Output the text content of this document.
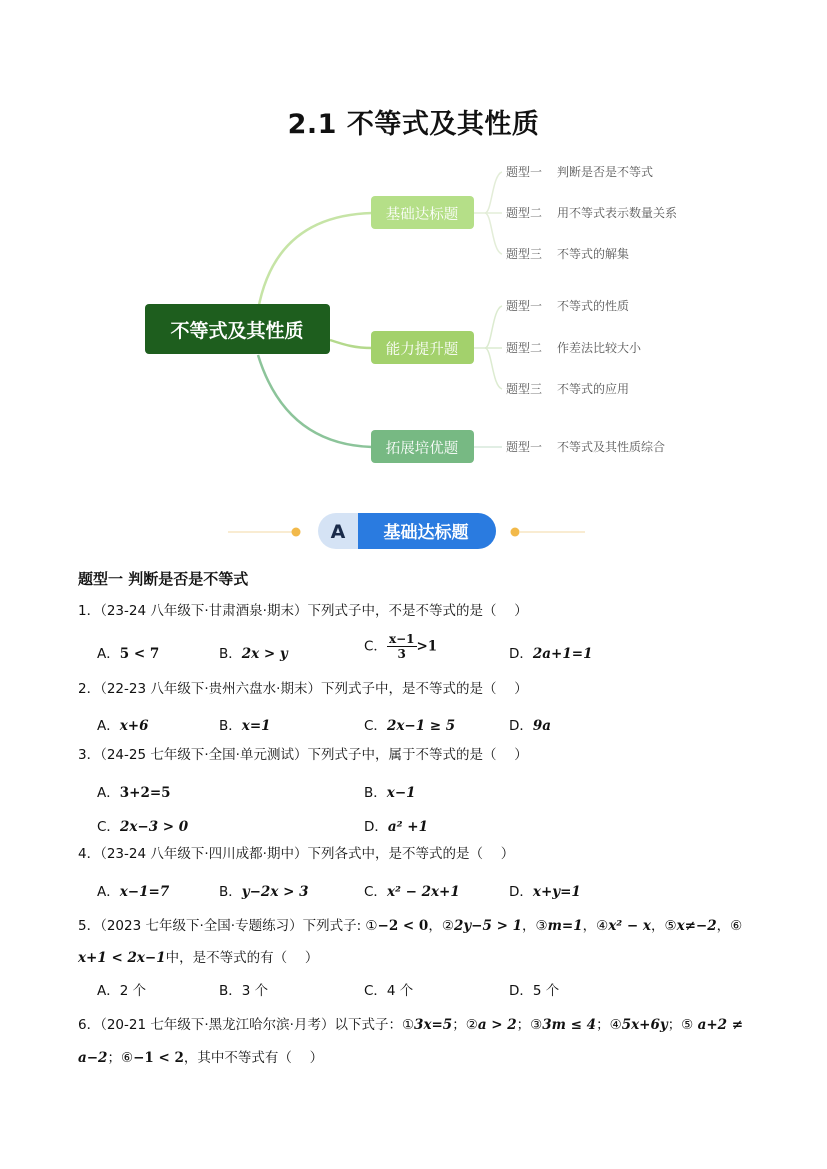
2.1 不等式及其性质
不等式及其性质
基础达标题
能力提升题
拓展培优题
题型一 判断是否是不等式
题型二 用不等式表示数量关系
题型三 不等式的解集
题型一 不等式的性质
题型二 作差法比较大小
题型三 不等式的应用
题型一 不等式及其性质综合
A 基础达标题
题型一 判断是否是不等式
1．（23-24 八年级下·甘肃酒泉·期末）下列式子中，不是不等式的是（　 ）
A．5 < 7	B．2x > y	C． $\frac{x-1}{3} >1$	D．2a+1=1
2．（22-23 八年级下·贵州六盘水·期末）下列式子中，是不等式的是（　 ）
A．x+6	B．x=1	C．2x−1 ≥ 5	D．9a
3．（24-25 七年级下·全国·单元测试）下列式子中，属于不等式的是（　 ）
A．3+2=5	B．x−1
C．2x−3 > 0	D．a² +1
4．（23-24 八年级下·四川成都·期中）下列各式中，是不等式的是（　 ）
A．x−1=7	B．y−2x > 3	C．x² − 2x+1	D．x+y=1
5．（2023 七年级下·全国·专题练习）下列式子: ①−2 < 0，②2y−5 > 1，③m=1，④x² − x，⑤x≠−2，⑥ x+1 < 2x−1中，是不等式的有（　 ）
A．2 个	B．3 个	C．4 个	D．5 个
6．（20-21 七年级下·黑龙江哈尔滨·月考）以下式子：①3x=5；②a > 2；③3m ≤ 4；④5x+6y；⑤ a+2 ≠ a−2；⑥−1 < 2，其中不等式有（　 ）
